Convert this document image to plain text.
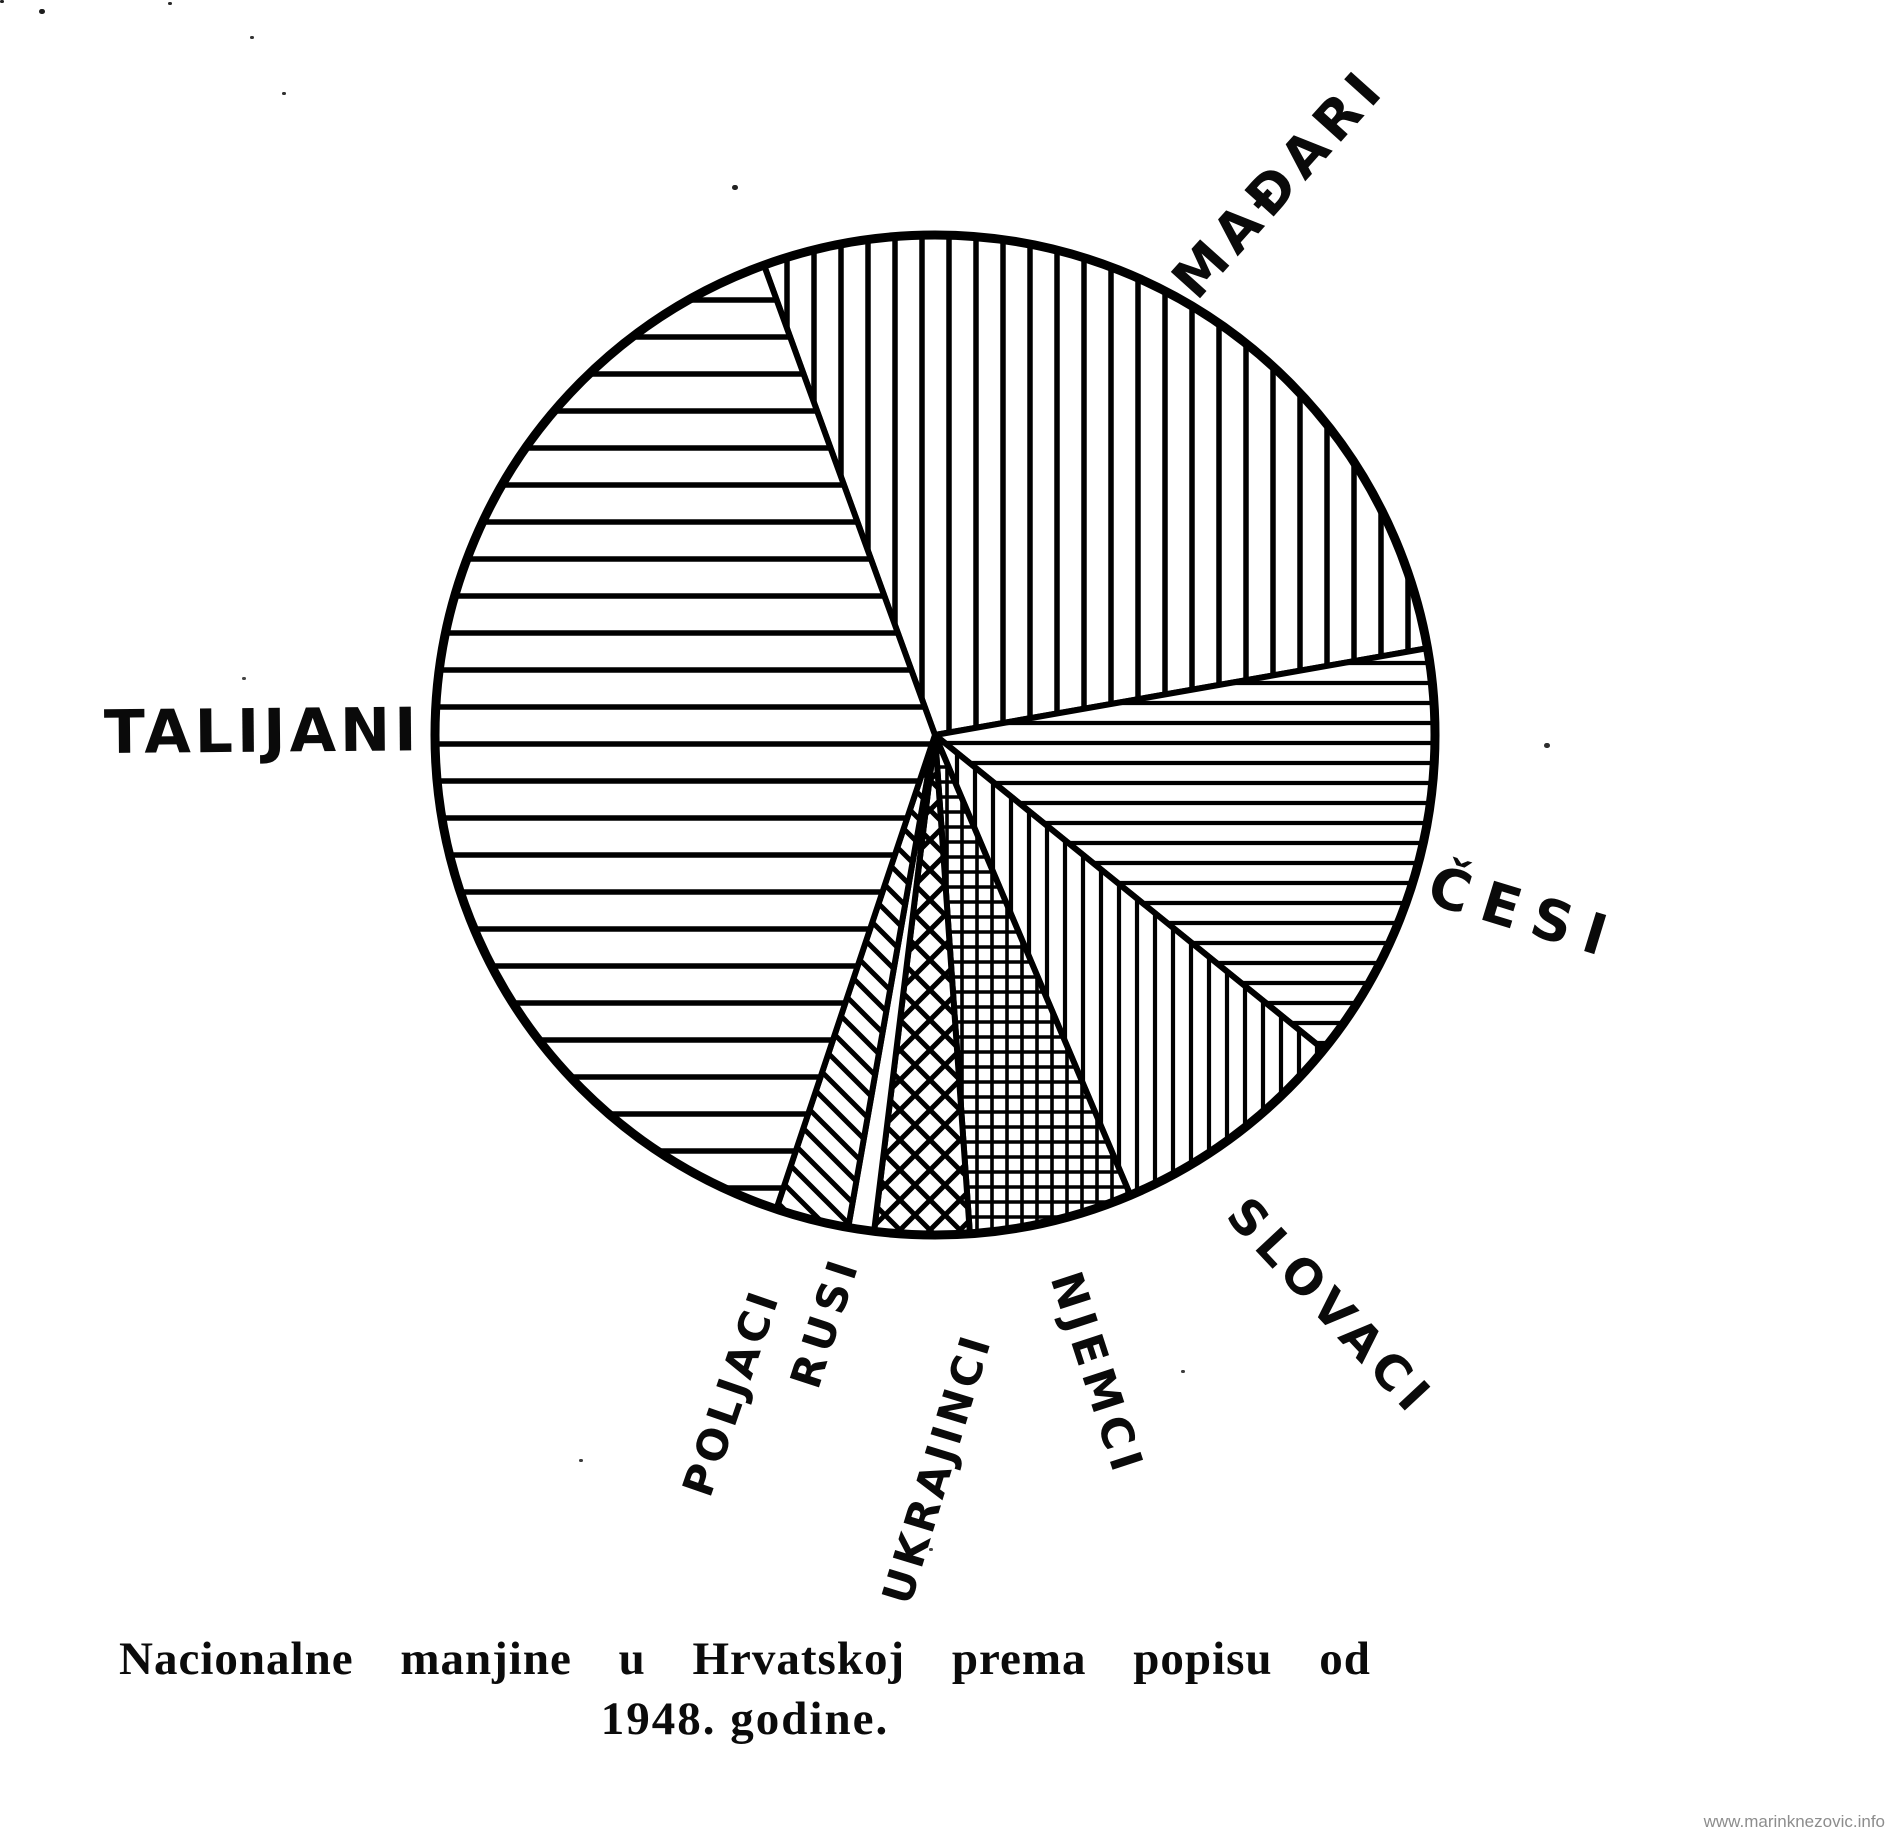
TALIJANI
MAĐARI
ČESI
SLOVACI
NJEMCI
UKRAJINCI
RUSI
POLJACI
Nacionalne manjine u Hrvatskoj prema popisu od
1948. godine.
www.marinknezovic.info
